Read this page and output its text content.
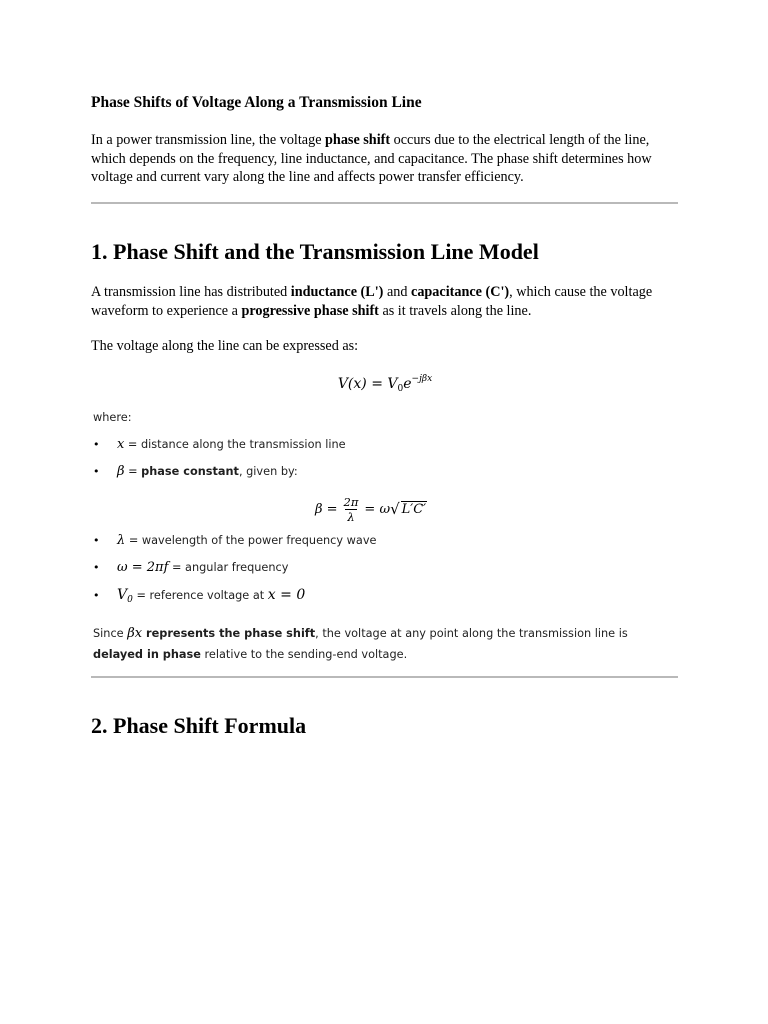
Phase Shifts of Voltage Along a Transmission Line

In a power transmission line, the voltage phase shift occurs due to the electrical length of the line, which depends on the frequency, line inductance, and capacitance. The phase shift determines how voltage and current vary along the line and affects power transfer efficiency.

1. Phase Shift and the Transmission Line Model

A transmission line has distributed inductance (L') and capacitance (C'), which cause the voltage waveform to experience a progressive phase shift as it travels along the line.

The voltage along the line can be expressed as:

$V(x) = V_0e^{-j\beta x}$

where:

• x = distance along the transmission line

• β = phase constant, given by:

$\beta = \frac{2\pi}{\lambda} = \omega$ √ L′C′

• λ = wavelength of the power frequency wave

• ω = 2πf = angular frequency

• $V_0$ = reference voltage at x = 0

Since βx represents the phase shift, the voltage at any point along the transmission line is delayed in phase relative to the sending-end voltage.

2. Phase Shift Formula
